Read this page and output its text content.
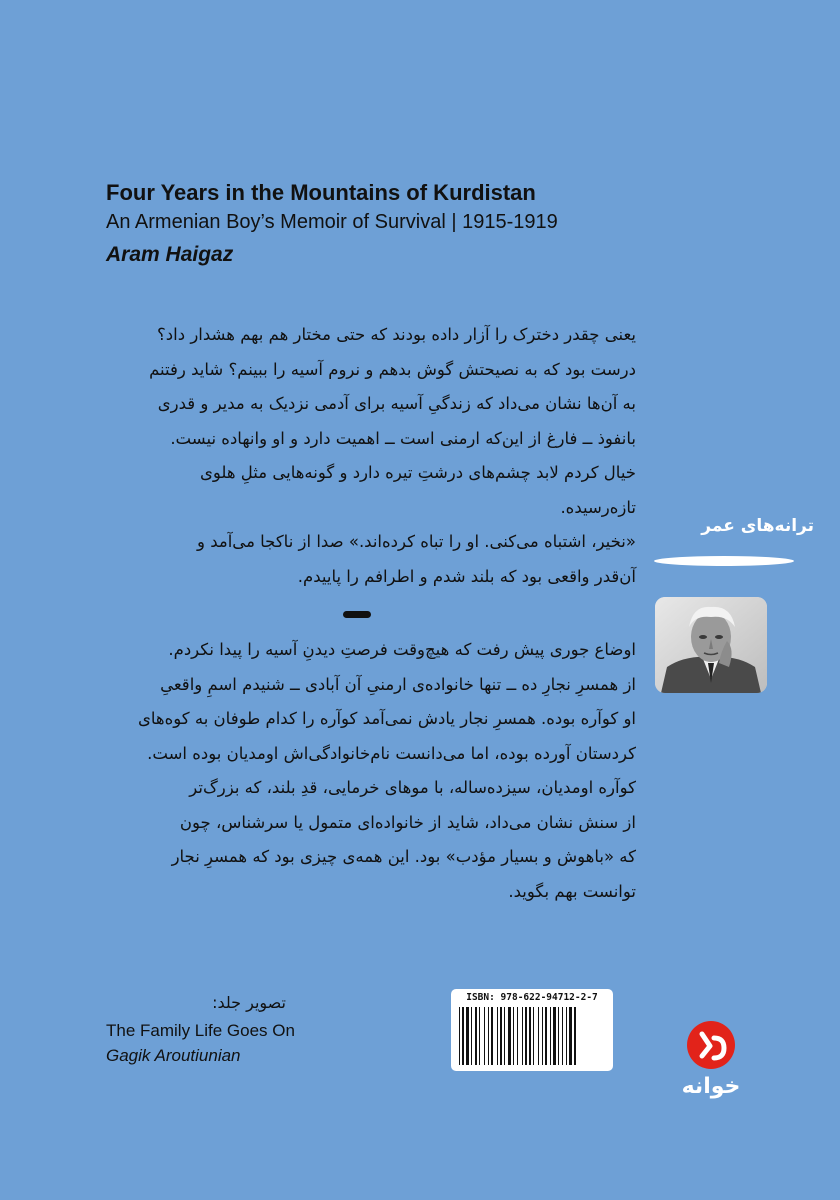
Four Years in the Mountains of Kurdistan
An Armenian Boy’s Memoir of Survival | 1915-1919
Aram Haigaz

یعنی چقدر دخترک را آزار داده بودند که حتی مختار هم بهم هشدار داد؟

درست بود که به نصیحتش گوش بدهم و نروم آسیه را ببینم؟ شاید رفتنم

به آن‌ها نشان می‌داد که زندگیِ آسیه برای آدمی نزدیک به مدیر و قدری

بانفوذ ــ فارغ از این‌که ارمنی است ــ اهمیت دارد و او وانهاده نیست.

خیال کردم لابد چشم‌های درشتِ تیره دارد و گونه‌هایی مثلِ هلوی

تازه‌رسیده.

«نخیر، اشتباه می‌کنی. او را تباه کرده‌اند.» صدا از ناکجا می‌آمد و

آن‌قدر واقعی بود که بلند شدم و اطرافم را پاییدم.

اوضاع جوری پیش رفت که هیچ‌وقت فرصتِ دیدنِ آسیه را پیدا نکردم.

از همسرِ نجارِ ده ــ تنها خانواده‌ی ارمنیِ آن آبادی ــ شنیدم اسمِ واقعیِ

او کوآره بوده. همسرِ نجار یادش نمی‌آمد کوآره را کدام طوفان به کوه‌های

کردستان آورده بوده، اما می‌دانست نام‌خانوادگی‌اش اومدیان بوده است.

کوآره اومدیان، سیزده‌ساله، با موهای خرمایی، قدِ بلند، که بزرگ‌تر

از سنش نشان می‌داد، شاید از خانواده‌ای متمول یا سرشناس، چون

که «باهوش و بسیار مؤدب» بود. این همه‌ی چیزی بود که همسرِ نجار

توانست بهم بگوید.

ترانه‌های عمر
تصویر جلد:
The Family Life Goes On
Gagik Aroutiunian
ISBN: 978-622-94712-2-7
خوانه
